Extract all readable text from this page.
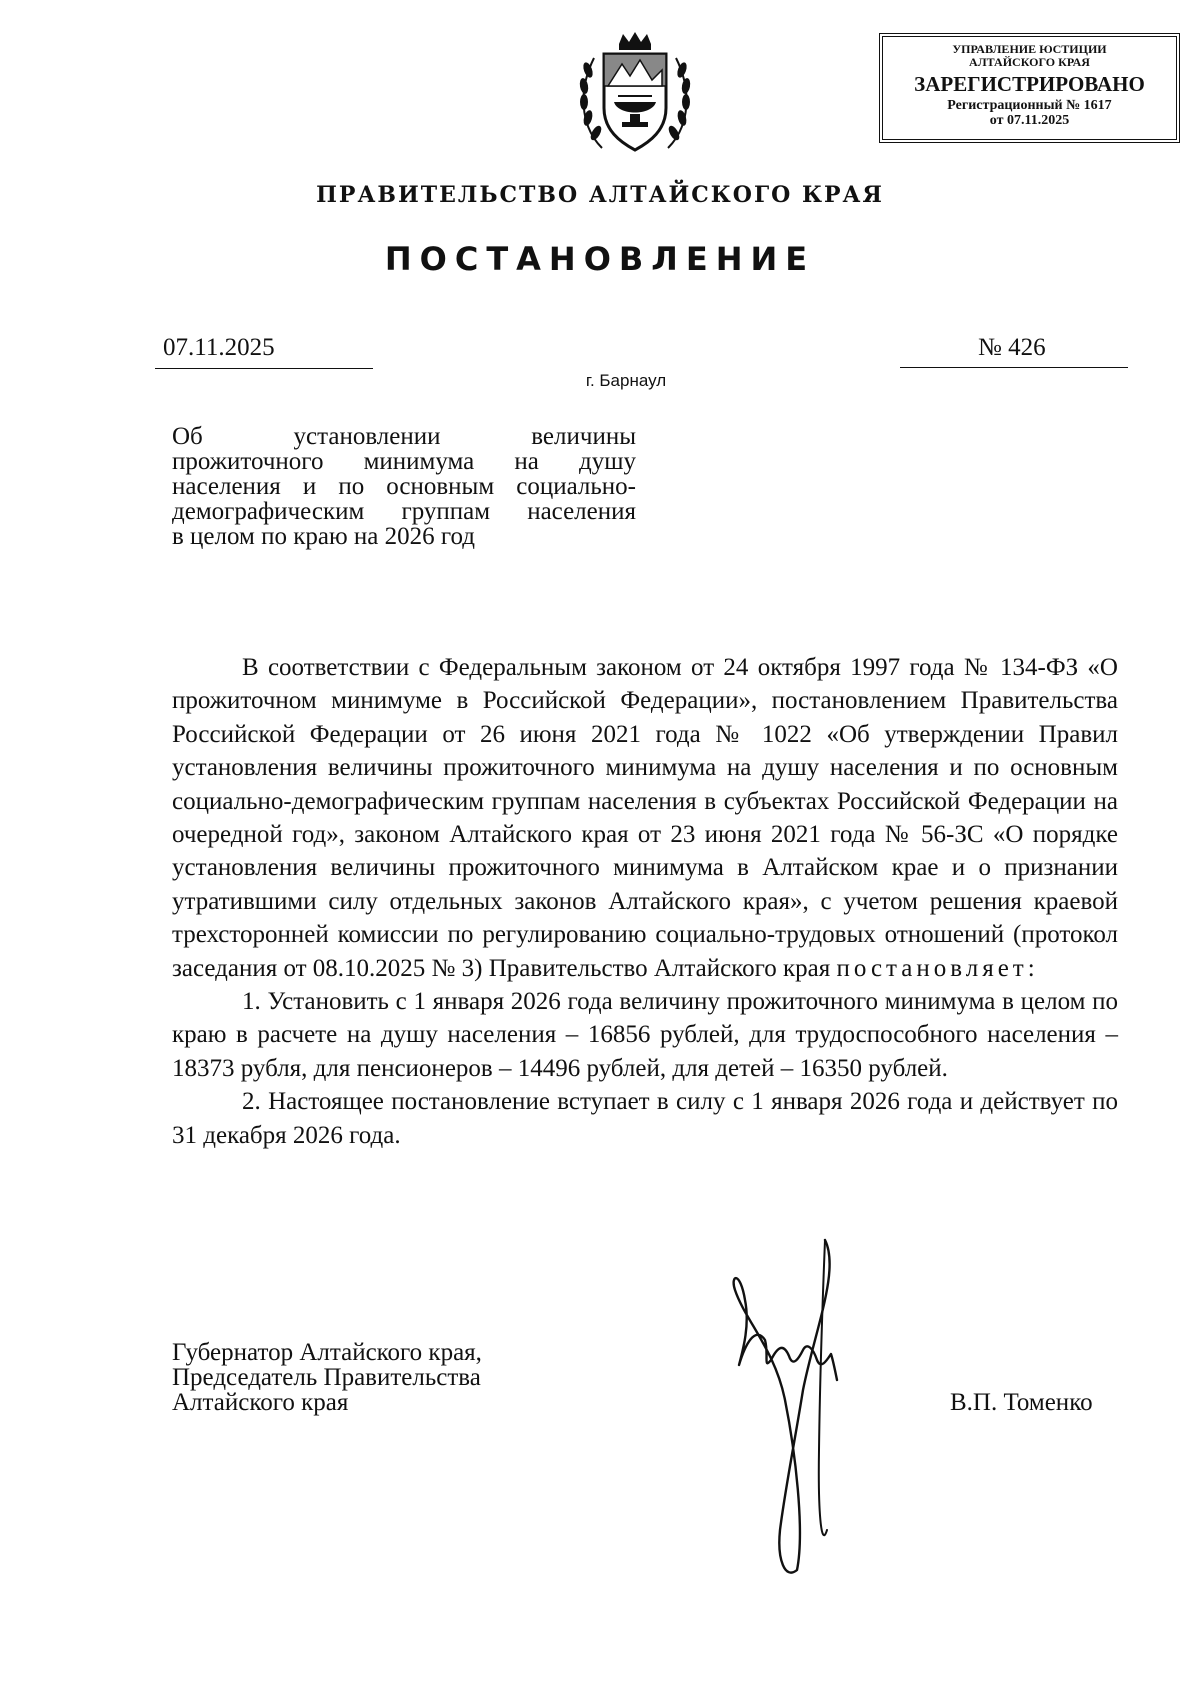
УПРАВЛЕНИЕ ЮСТИЦИИ
АЛТАЙСКОГО КРАЯ
ЗАРЕГИСТРИРОВАНО
Регистрационный № 1617
от 07.11.2025
ПРАВИТЕЛЬСТВО АЛТАЙСКОГО КРАЯ
ПОСТАНОВЛЕНИЕ
07.11.2025	№ 426
г. Барнаул
Об установлении величины
прожиточного минимума на душу
населения и по основным социально-
демографическим группам населения
в целом по краю на 2026 год

В соответствии с Федеральным законом от 24 октября 1997 года № 134-ФЗ «О прожиточном минимуме в Российской Федерации», постановлением Правительства Российской Федерации от 26 июня 2021 года № 1022 «Об утверждении Правил установления величины прожиточного минимума на душу населения и по основным социально-демографическим группам населения в субъектах Российской Федерации на очередной год», законом Алтайского края от 23 июня 2021 года № 56-ЗС «О порядке установления величины прожиточного минимума в Алтайском крае и о признании утратившими силу отдельных законов Алтайского края», с учетом решения краевой трехсторонней комиссии по регулированию социально-трудовых отношений (протокол заседания от 08.10.2025 № 3) Правительство Алтайского края постановляет:

1. Установить с 1 января 2026 года величину прожиточного минимума в целом по краю в расчете на душу населения – 16856 рублей, для трудоспособного населения – 18373 рубля, для пенсионеров – 14496 рублей, для детей – 16350 рублей.

2. Настоящее постановление вступает в силу с 1 января 2026 года и действует по 31 декабря 2026 года.

Губернатор Алтайского края,
Председатель Правительства
Алтайского края	В.П. Томенко
